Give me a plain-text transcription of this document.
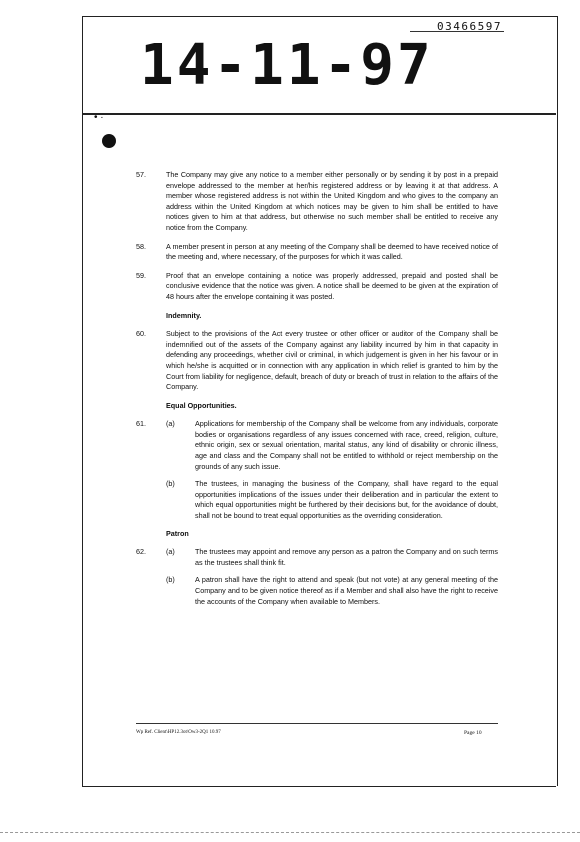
03466597
14-11-97
• ·
57.	The Company may give any notice to a member either personally or by sending it by post in a prepaid envelope addressed to the member at her/his registered address or by leaving it at that address. A member whose registered address is not within the United Kingdom and who gives to the company an address within the United Kingdom at which notices may be given to him shall be entitled to have notices given to him at that address, but otherwise no such member shall be entitled to receive any notice from the Company.
58.	A member present in person at any meeting of the Company shall be deemed to have received notice of the meeting and, where necessary, of the purposes for which it was called.
59.	Proof that an envelope containing a notice was properly addressed, prepaid and posted shall be conclusive evidence that the notice was given. A notice shall be deemed to be given at the expiration of 48 hours after the envelope containing it was posted.
Indemnity.
60.	Subject to the provisions of the Act every trustee or other officer or auditor of the Company shall be indemnified out of the assets of the Company against any liability incurred by him in that capacity in defending any proceedings, whether civil or criminal, in which judgement is given in her his favour or in which he/she is acquitted or in connection with any application in which relief is granted to him by the Court from liability for negligence, default, breach of duty or breach of trust in relation to the affairs of the Company.
Equal Opportunities.
61.	(a)	Applications for membership of the Company shall be welcome from any individuals, corporate bodies or organisations regardless of any issues concerned with race, creed, religion, culture, ethnic origin, sex or sexual orientation, marital status, any kind of disability or chronic illness, age and class and the Company shall not be entitled to withhold or reject membership on the grounds of any such issue.
(b)	The trustees, in managing the business of the Company, shall have regard to the equal opportunities implications of the issues under their deliberation and in particular the extent to which equal opportunities might be furthered by their decisions but, for the avoidance of doubt, shall not be bound to treat equal opportunities as the overriding consideration.
Patron
62.	(a)	The trustees may appoint and remove any person as a patron the Company and on such terms as the trustees shall think fit.
(b)	A patron shall have the right to attend and speak (but not vote) at any general meeting of the Company and to be given notice thereof as if a Member and shall also have the right to receive the accounts of the Company when available to Members.
Wp Ref. Client\HP12.3ot\Ow3-2Q1 10.97	Page 10
